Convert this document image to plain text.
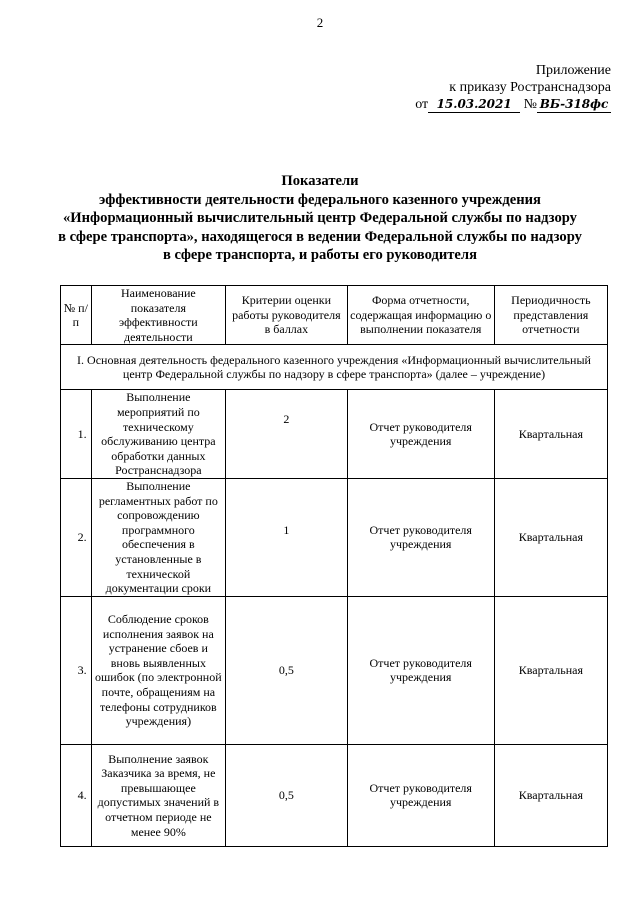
2
Приложение
к приказу Ространснадзора
от 15.03.2021 № ВБ-318фс
Показатели
эффективности деятельности федерального казенного учреждения
«Информационный вычислительный центр Федеральной службы по надзору
в сфере транспорта», находящегося в ведении Федеральной службы по надзору
в сфере транспорта, и работы его руководителя
№ п/п	Наименование показателя эффективности деятельности	Критерии оценки работы руководителя в баллах	Форма отчетности, содержащая информацию о выполнении показателя	Периодичность представления отчетности
I. Основная деятельность федерального казенного учреждения «Информационный вычислительный центр Федеральной службы по надзору в сфере транспорта» (далее – учреждение)				
1.	Выполнение мероприятий по техническому обслуживанию центра обработки данных Ространснадзора	2	Отчет руководителя учреждения	Квартальная
2.	Выполнение регламентных работ по сопровождению программного обеспечения в установленные в технической документации сроки	1	Отчет руководителя учреждения	Квартальная
3.	Соблюдение сроков исполнения заявок на устранение сбоев и вновь выявленных ошибок (по электронной почте, обращениям на телефоны сотрудников учреждения)	0,5	Отчет руководителя учреждения	Квартальная
4.	Выполнение заявок Заказчика за время, не превышающее допустимых значений в отчетном периоде не менее 90%	0,5	Отчет руководителя учреждения	Квартальная
